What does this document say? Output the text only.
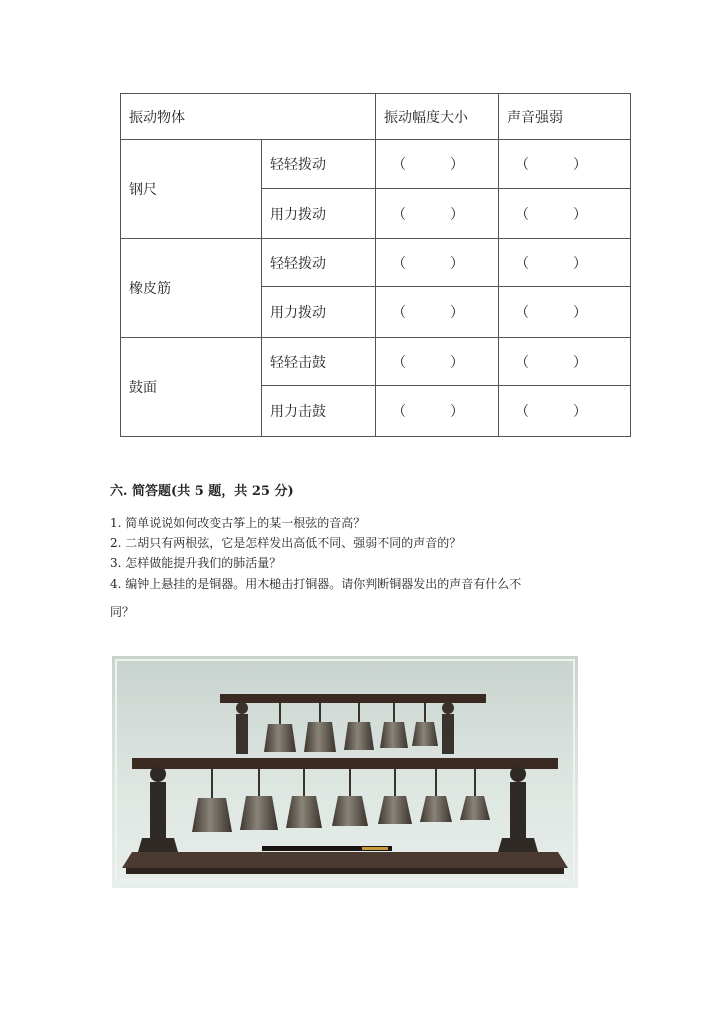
振动物体		振动幅度大小	声音强弱
钢尺	轻轻拨动	（ ）	（ ）
	用力拨动	（ ）	（ ）
橡皮筋	轻轻拨动	（ ）	（ ）
	用力拨动	（ ）	（ ）
鼓面	轻轻击鼓	（ ）	（ ）
	用力击鼓	（ ）	（ ）
六. 简答题(共 5 题，共 25 分)
1. 简单说说如何改变古筝上的某一根弦的音高？
2. 二胡只有两根弦，它是怎样发出高低不同、强弱不同的声音的？
3. 怎样做能提升我们的肺活量？
4. 编钟上悬挂的是铜器。用木槌击打铜器。请你判断铜器发出的声音有什么不
同？
